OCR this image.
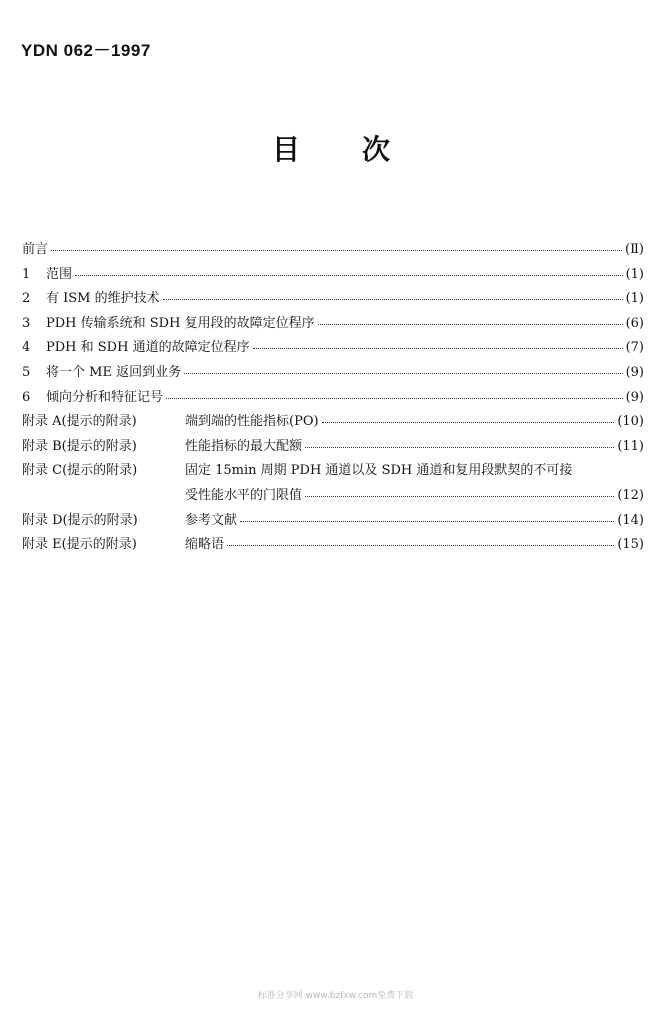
YDN 062－1997
目 次
前言	(Ⅱ)
1	范围	(1)
2	有 ISM 的维护技术	(1)
3	PDH 传输系统和 SDH 复用段的故障定位程序	(6)
4	PDH 和 SDH 通道的故障定位程序	(7)
5	将一个 ME 返回到业务	(9)
6	倾向分析和特征记号	(9)
附录 A(提示的附录)	端到端的性能指标(PO)	(10)
附录 B(提示的附录)	性能指标的最大配额	(11)
附录 C(提示的附录)	固定 15min 周期 PDH 通道以及 SDH 通道和复用段默契的不可接
受性能水平的门限值	(12)
附录 D(提示的附录)	参考文献	(14)
附录 E(提示的附录)	缩略语	(15)
标准分享网 www.bzfxw.com免费下载
